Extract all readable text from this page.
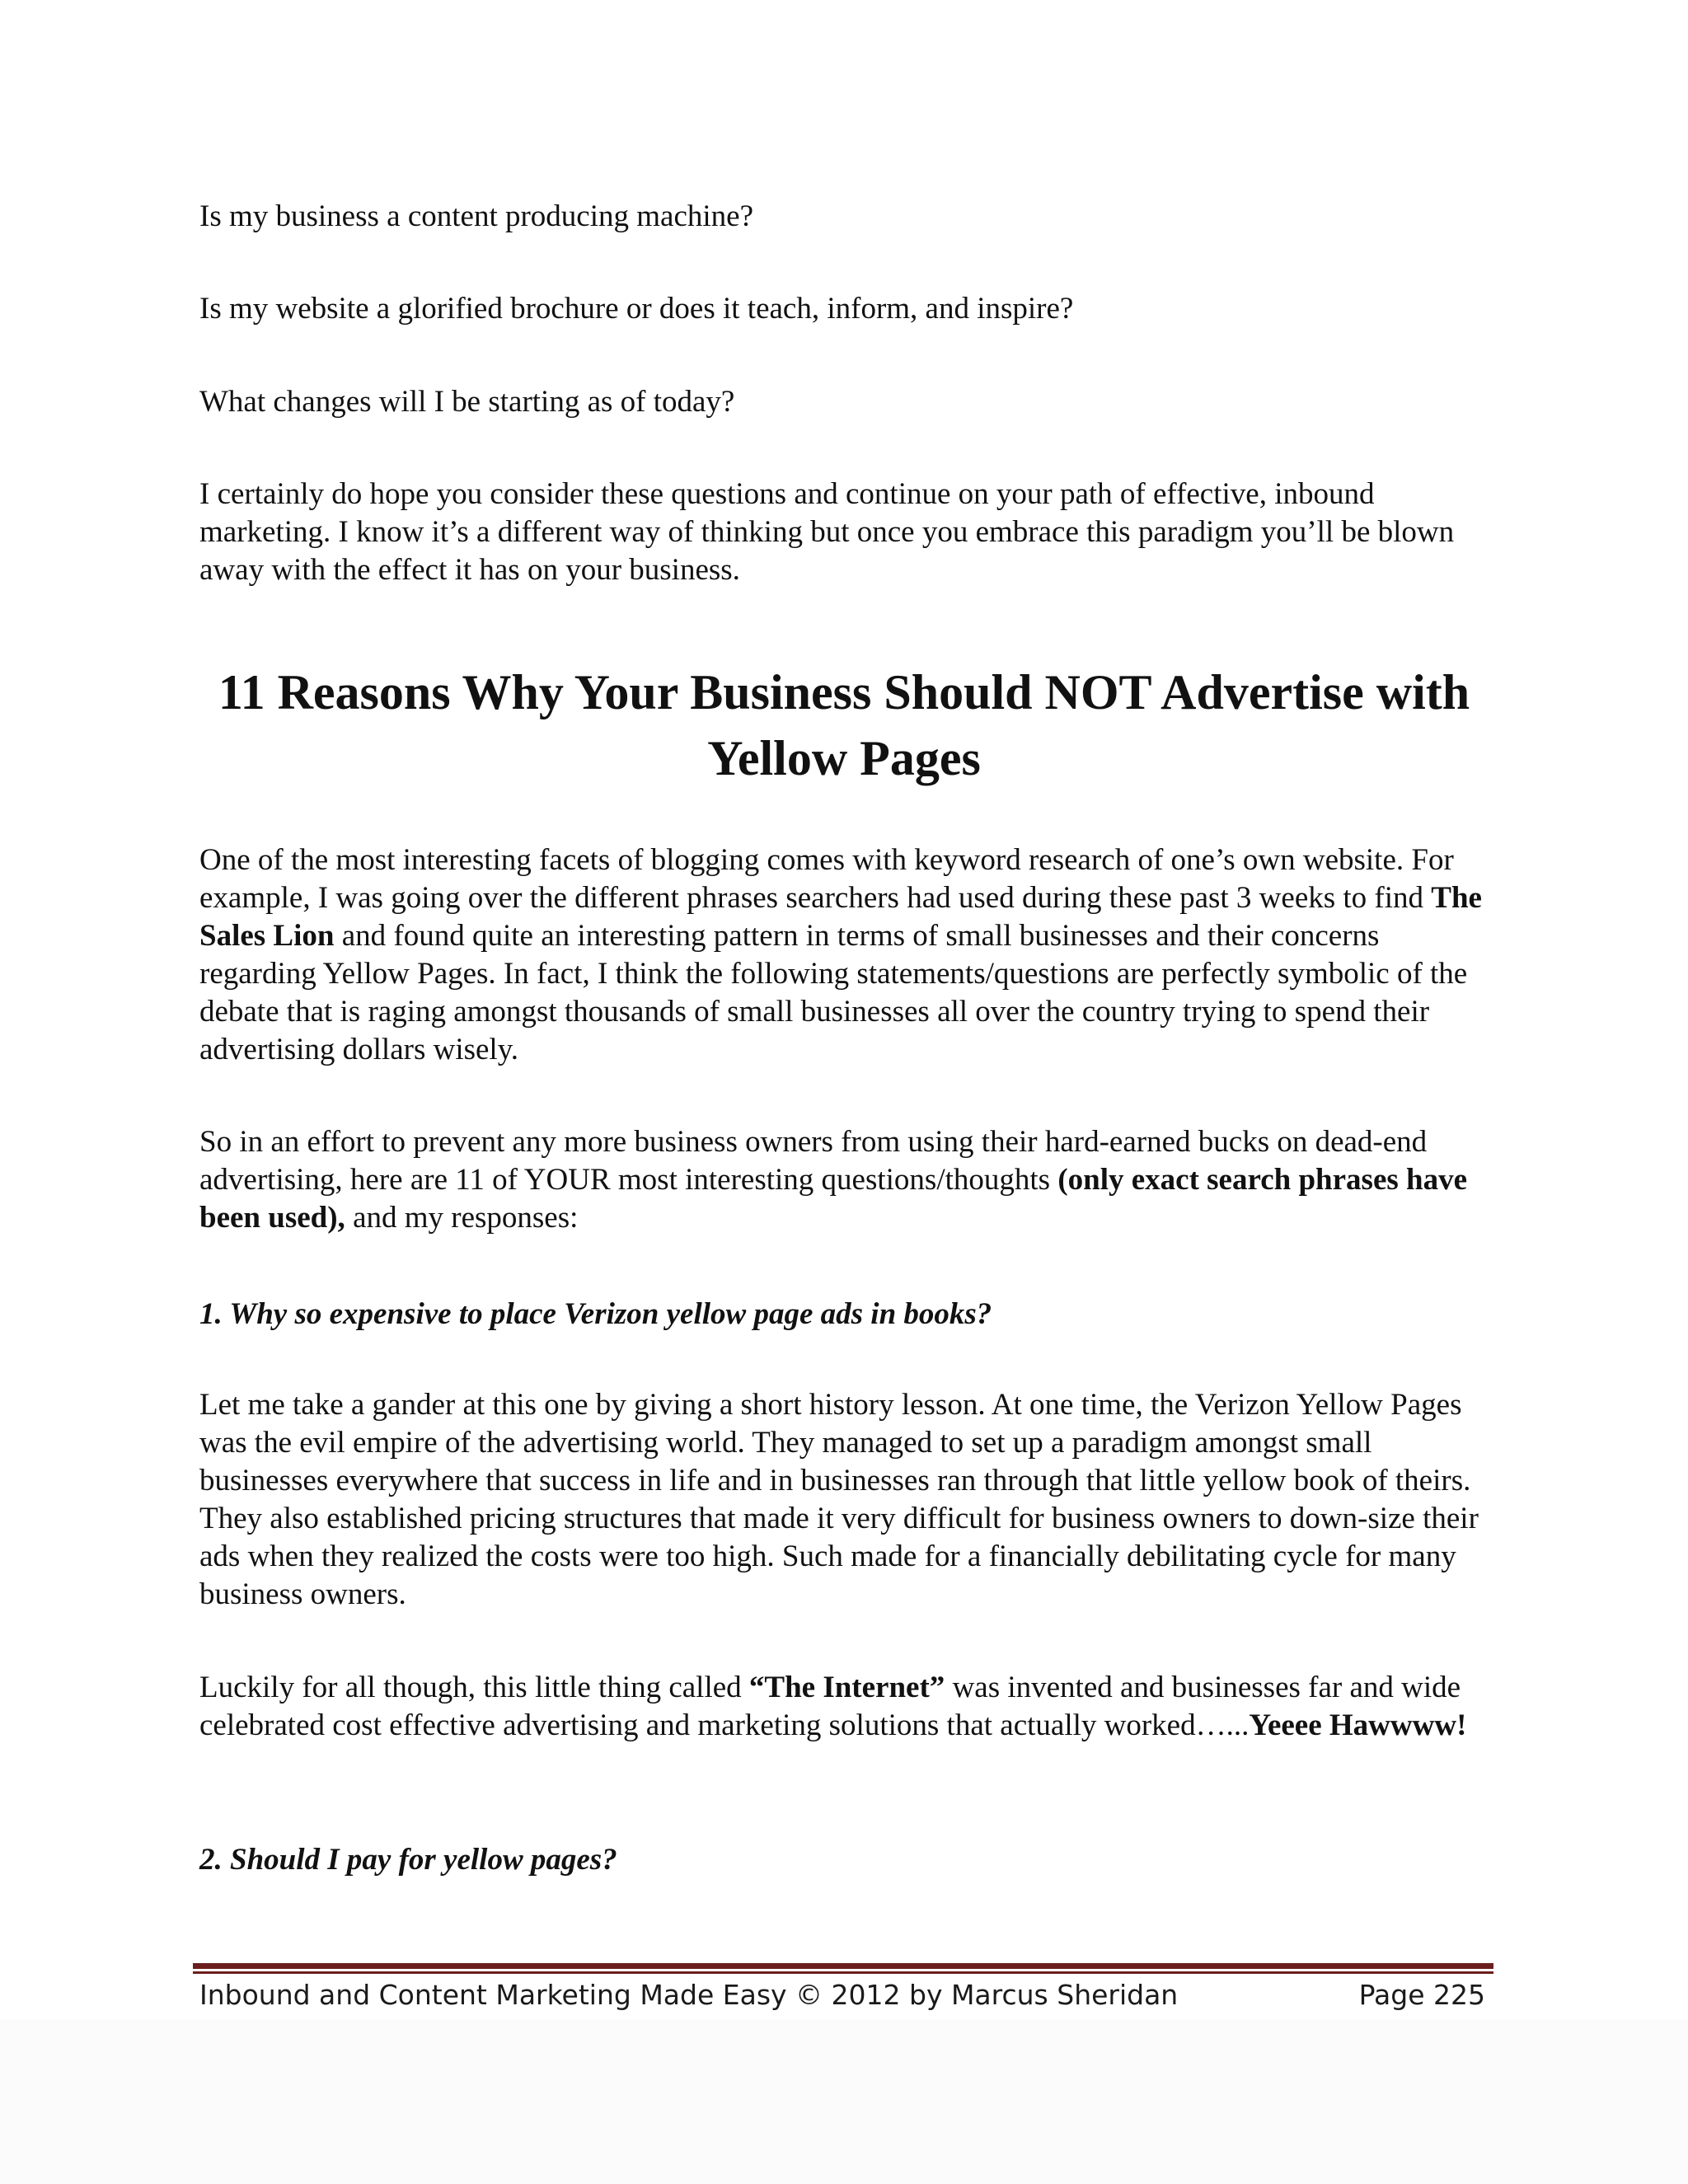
Is my business a content producing machine?

Is my website a glorified brochure or does it teach, inform, and inspire?

What changes will I be starting as of today?

I certainly do hope you consider these questions and continue on your path of effective, inbound marketing. I know it’s a different way of thinking but once you embrace this paradigm you’ll be blown away with the effect it has on your business.

11 Reasons Why Your Business Should NOT Advertise with Yellow Pages

One of the most interesting facets of blogging comes with keyword research of one’s own website. For example, I was going over the different phrases searchers had used during these past 3 weeks to find The Sales Lion and found quite an interesting pattern in terms of small businesses and their concerns regarding Yellow Pages. In fact, I think the following statements/questions are perfectly symbolic of the debate that is raging amongst thousands of small businesses all over the country trying to spend their advertising dollars wisely.

So in an effort to prevent any more business owners from using their hard-earned bucks on dead-end advertising, here are 11 of YOUR most interesting questions/thoughts (only exact search phrases have been used), and my responses:

1. Why so expensive to place Verizon yellow page ads in books?

Let me take a gander at this one by giving a short history lesson. At one time, the Verizon Yellow Pages was the evil empire of the advertising world. They managed to set up a paradigm amongst small businesses everywhere that success in life and in businesses ran through that little yellow book of theirs. They also established pricing structures that made it very difficult for business owners to down-size their ads when they realized the costs were too high. Such made for a financially debilitating cycle for many business owners.

Luckily for all though, this little thing called “The Internet” was invented and businesses far and wide celebrated cost effective advertising and marketing solutions that actually worked…...Yeeee Hawwww!

2. Should I pay for yellow pages?
Inbound and Content Marketing Made Easy © 2012 by Marcus Sheridan	Page 225
